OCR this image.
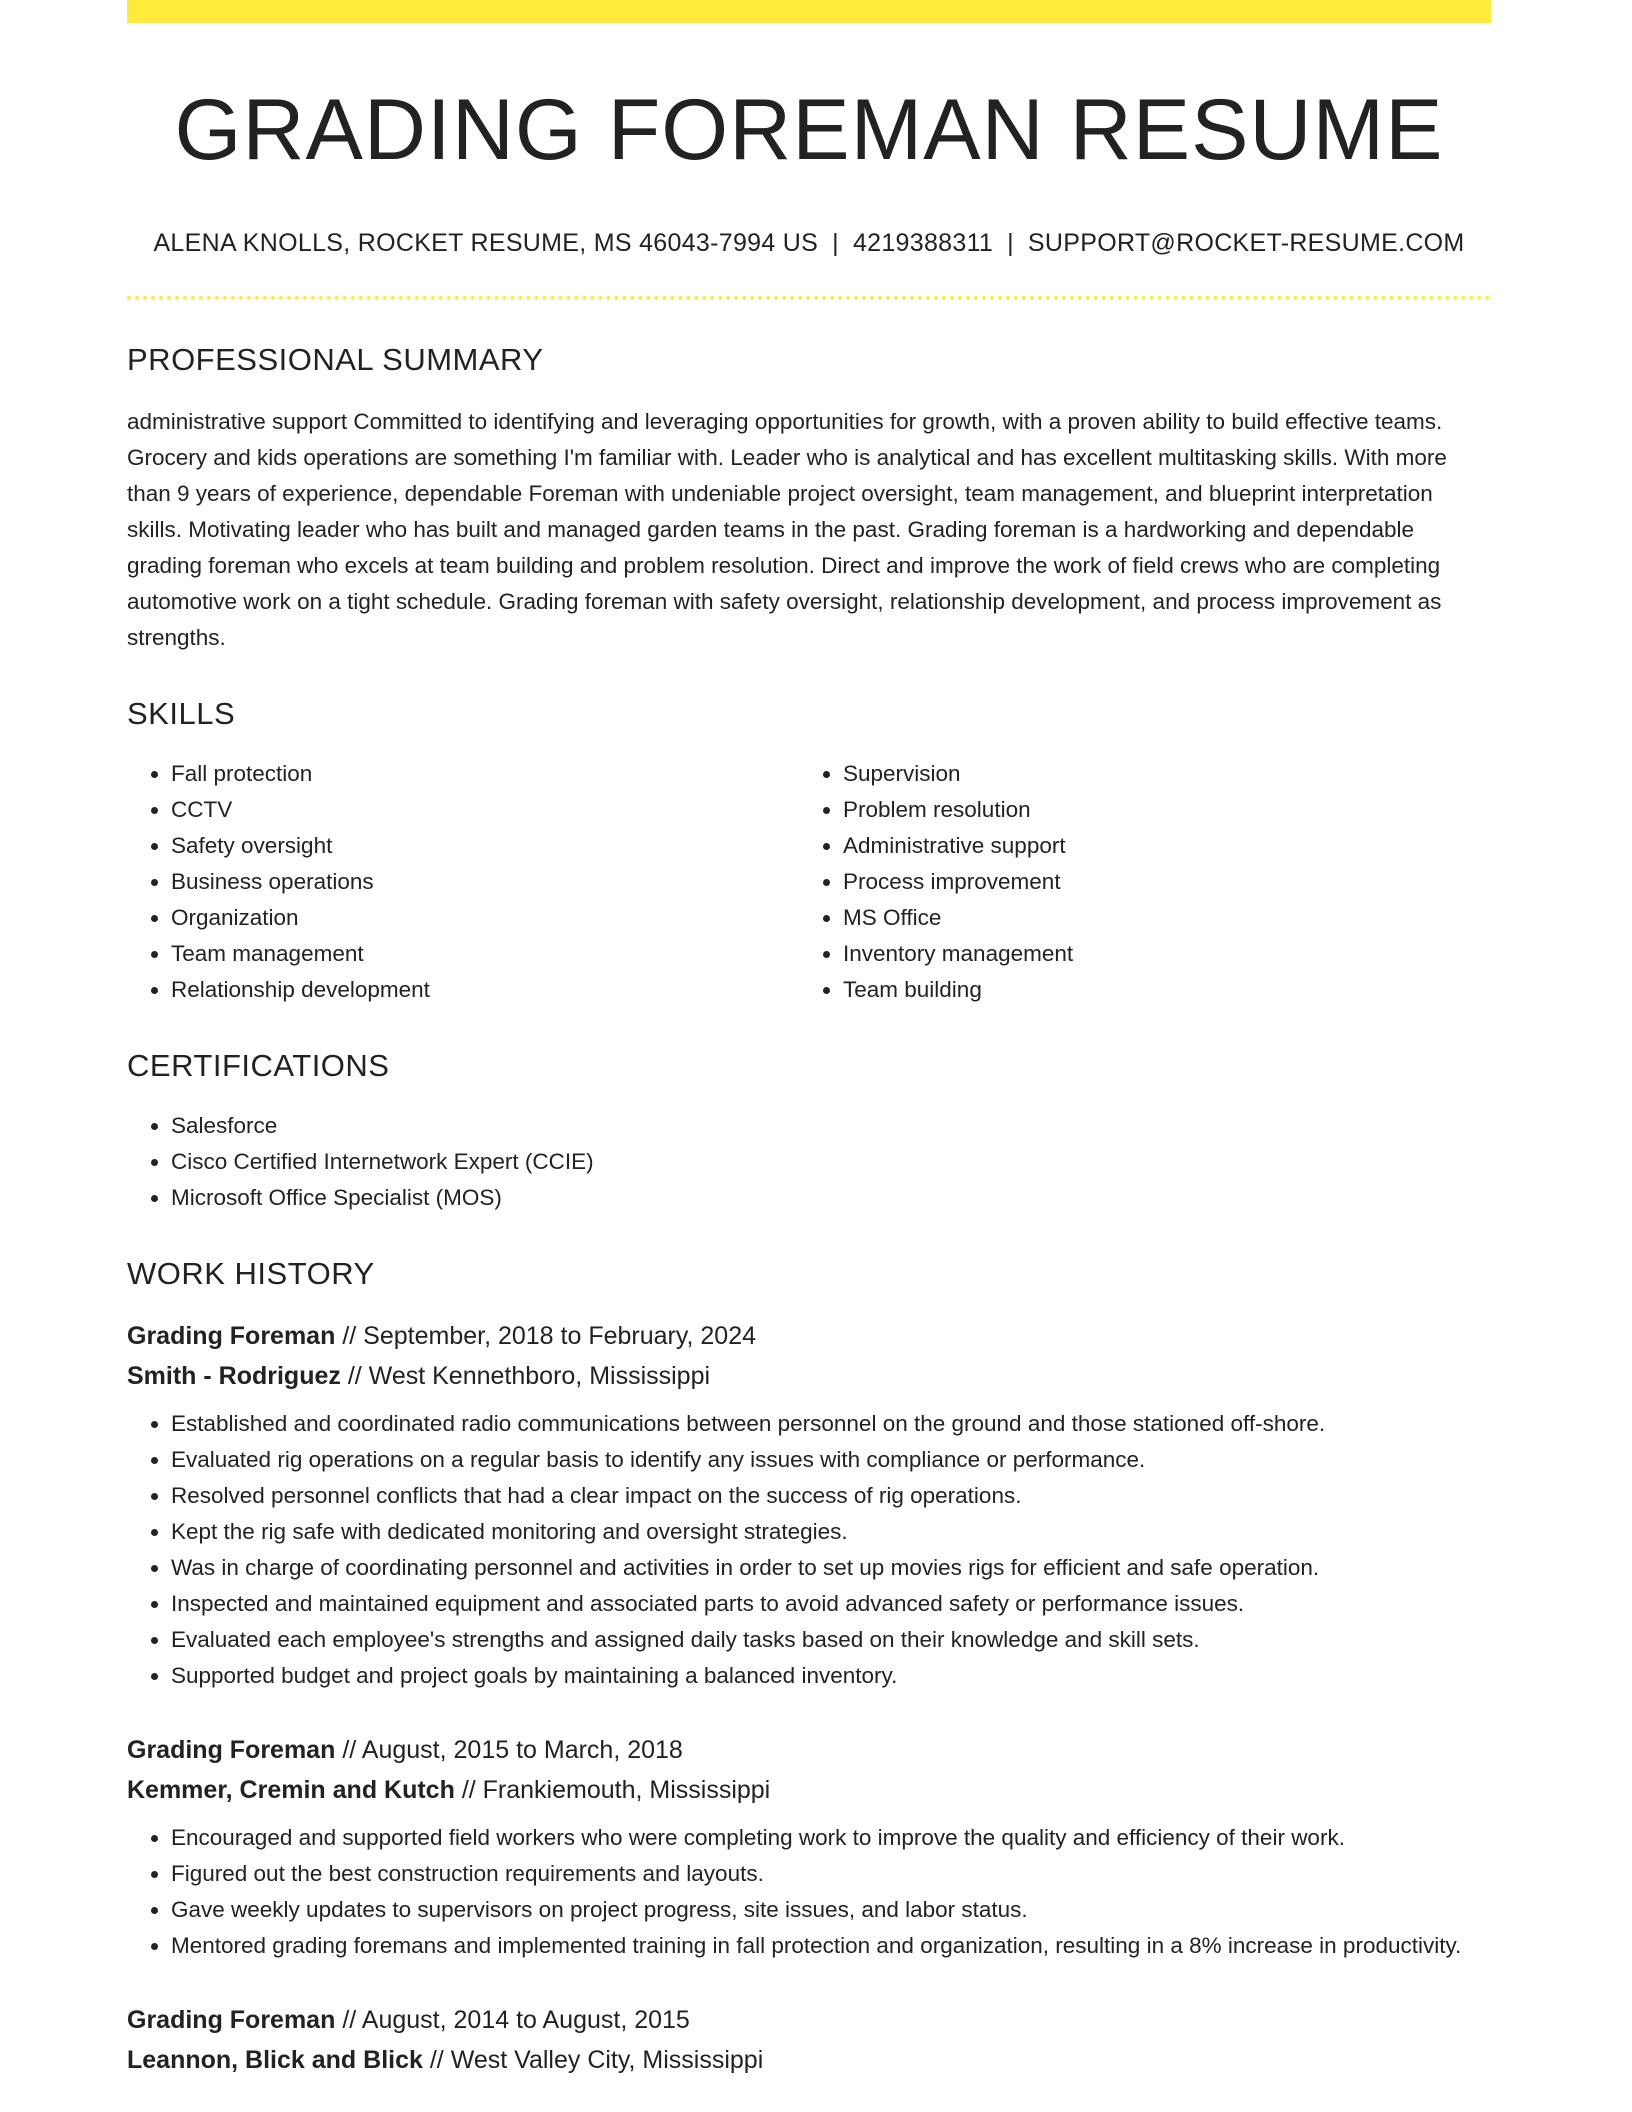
GRADING FOREMAN RESUME
ALENA KNOLLS, ROCKET RESUME, MS 46043-7994 US | 4219388311 | SUPPORT@ROCKET-RESUME.COM
PROFESSIONAL SUMMARY

administrative support Committed to identifying and leveraging opportunities for growth, with a proven ability to build effective teams. Grocery and kids operations are something I'm familiar with. Leader who is analytical and has excellent multitasking skills. With more than 9 years of experience, dependable Foreman with undeniable project oversight, team management, and blueprint interpretation skills. Motivating leader who has built and managed garden teams in the past. Grading foreman is a hardworking and dependable grading foreman who excels at team building and problem resolution. Direct and improve the work of field crews who are completing automotive work on a tight schedule. Grading foreman with safety oversight, relationship development, and process improvement as strengths.

SKILLS
• Fall protection
• CCTV
• Safety oversight
• Business operations
• Organization
• Team management
• Relationship development
• Supervision
• Problem resolution
• Administrative support
• Process improvement
• MS Office
• Inventory management
• Team building
CERTIFICATIONS
• Salesforce
• Cisco Certified Internetwork Expert (CCIE)
• Microsoft Office Specialist (MOS)
WORK HISTORY
Grading Foreman // September, 2018 to February, 2024
Smith - Rodriguez // West Kennethboro, Mississippi
• Established and coordinated radio communications between personnel on the ground and those stationed off-shore.
• Evaluated rig operations on a regular basis to identify any issues with compliance or performance.
• Resolved personnel conflicts that had a clear impact on the success of rig operations.
• Kept the rig safe with dedicated monitoring and oversight strategies.
• Was in charge of coordinating personnel and activities in order to set up movies rigs for efficient and safe operation.
• Inspected and maintained equipment and associated parts to avoid advanced safety or performance issues.
• Evaluated each employee's strengths and assigned daily tasks based on their knowledge and skill sets.
• Supported budget and project goals by maintaining a balanced inventory.
Grading Foreman // August, 2015 to March, 2018
Kemmer, Cremin and Kutch // Frankiemouth, Mississippi
• Encouraged and supported field workers who were completing work to improve the quality and efficiency of their work.
• Figured out the best construction requirements and layouts.
• Gave weekly updates to supervisors on project progress, site issues, and labor status.
• Mentored grading foremans and implemented training in fall protection and organization, resulting in a 8% increase in productivity.
Grading Foreman // August, 2014 to August, 2015
Leannon, Blick and Blick // West Valley City, Mississippi
